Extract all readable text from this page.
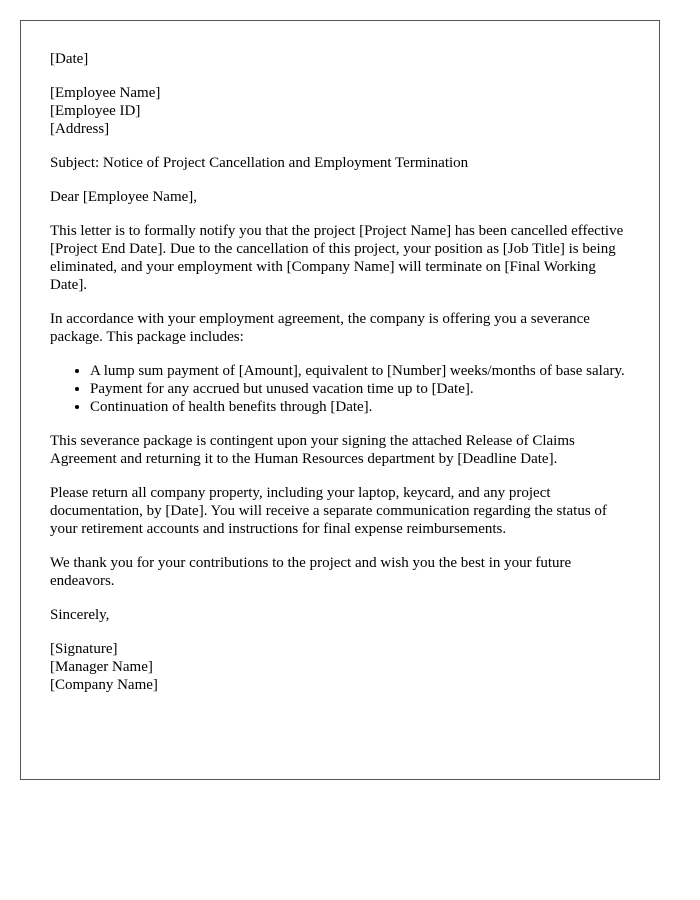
[Date]
[Employee Name]
[Employee ID]
[Address]

Subject: Notice of Project Cancellation and Employment Termination

Dear [Employee Name],

This letter is to formally notify you that the project [Project Name] has been cancelled effective [Project End Date]. Due to the cancellation of this project, your position as [Job Title] is being eliminated, and your employment with [Company Name] will terminate on [Final Working Date].

In accordance with your employment agreement, the company is offering you a severance package. This package includes:

• A lump sum payment of [Amount], equivalent to [Number] weeks/months of base salary.
• Payment for any accrued but unused vacation time up to [Date].
• Continuation of health benefits through [Date].

This severance package is contingent upon your signing the attached Release of Claims Agreement and returning it to the Human Resources department by [Deadline Date].

Please return all company property, including your laptop, keycard, and any project documentation, by [Date]. You will receive a separate communication regarding the status of your retirement accounts and instructions for final expense reimbursements.

We thank you for your contributions to the project and wish you the best in your future endeavors.

Sincerely,

[Signature]
[Manager Name]
[Company Name]
